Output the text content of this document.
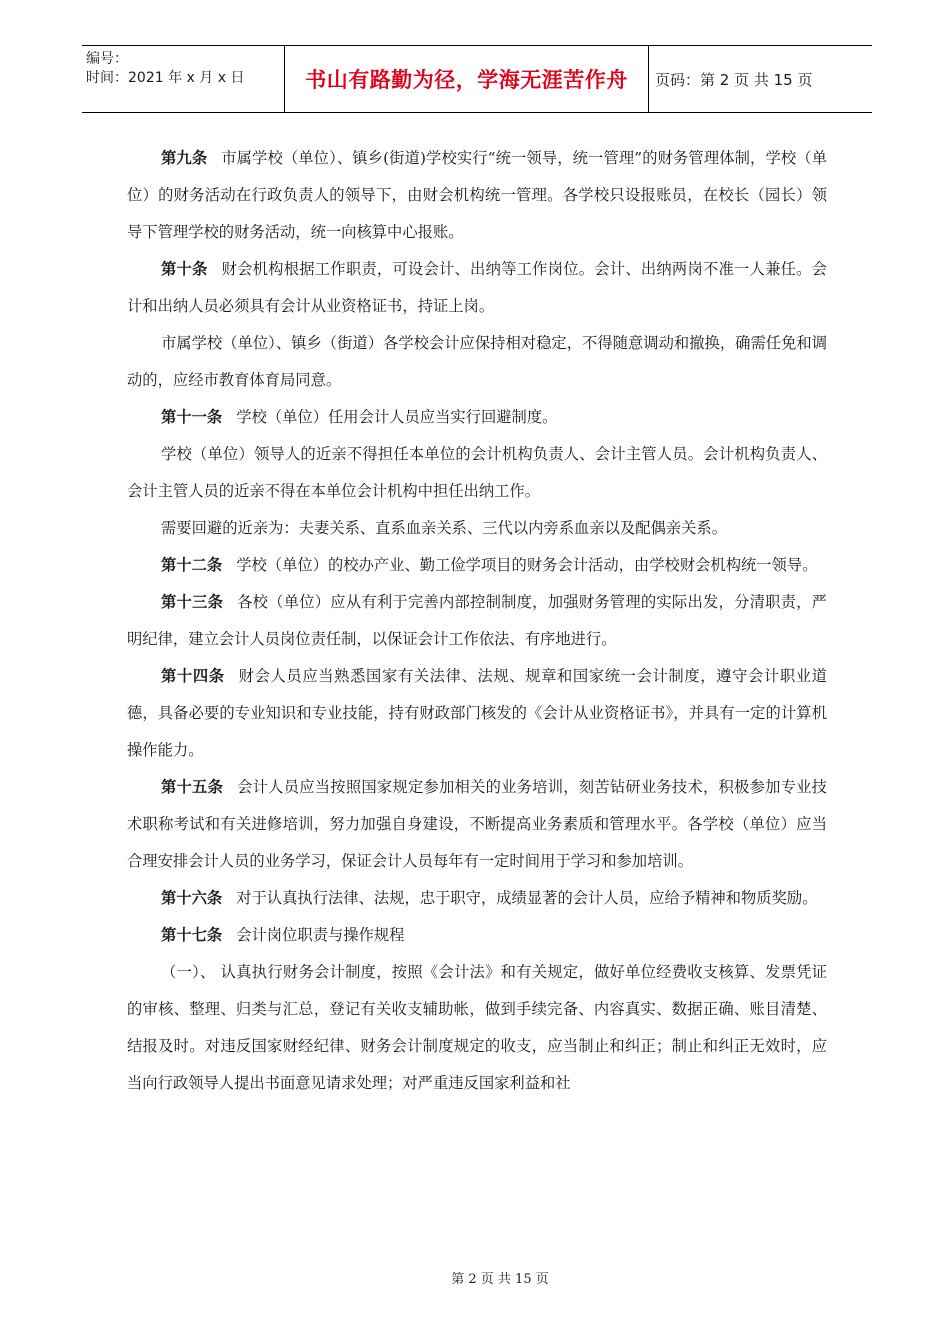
编号：
时间：2021 年 x 月 x 日	书山有路勤为径，学海无涯苦作舟	页码：第 2 页 共 15 页

第九条 市属学校（单位）、镇乡(街道)学校实行“统一领导，统一管理”的财务管理体制，学校（单位）的财务活动在行政负责人的领导下，由财会机构统一管理。各学校只设报账员，在校长（园长）领导下管理学校的财务活动，统一向核算中心报账。

第十条 财会机构根据工作职责，可设会计、出纳等工作岗位。会计、出纳两岗不准一人兼任。会计和出纳人员必须具有会计从业资格证书，持证上岗。

市属学校（单位）、镇乡（街道）各学校会计应保持相对稳定，不得随意调动和撤换，确需任免和调动的，应经市教育体育局同意。

第十一条 学校（单位）任用会计人员应当实行回避制度。

学校（单位）领导人的近亲不得担任本单位的会计机构负责人、会计主管人员。会计机构负责人、会计主管人员的近亲不得在本单位会计机构中担任出纳工作。

需要回避的近亲为：夫妻关系、直系血亲关系、三代以内旁系血亲以及配偶亲关系。

第十二条 学校（单位）的校办产业、勤工俭学项目的财务会计活动，由学校财会机构统一领导。

第十三条 各校（单位）应从有利于完善内部控制制度，加强财务管理的实际出发，分清职责，严明纪律，建立会计人员岗位责任制，以保证会计工作依法、有序地进行。

第十四条 财会人员应当熟悉国家有关法律、法规、规章和国家统一会计制度，遵守会计职业道德，具备必要的专业知识和专业技能，持有财政部门核发的《会计从业资格证书》，并具有一定的计算机操作能力。

第十五条 会计人员应当按照国家规定参加相关的业务培训，刻苦钻研业务技术，积极参加专业技术职称考试和有关进修培训，努力加强自身建设，不断提高业务素质和管理水平。各学校（单位）应当合理安排会计人员的业务学习，保证会计人员每年有一定时间用于学习和参加培训。

第十六条 对于认真执行法律、法规，忠于职守，成绩显著的会计人员，应给予精神和物质奖励。

第十七条 会计岗位职责与操作规程

（一）、 认真执行财务会计制度，按照《会计法》和有关规定，做好单位经费收支核算、发票凭证的审核、整理、归类与汇总，登记有关收支辅助帐，做到手续完备、内容真实、数据正确、账目清楚、结报及时。对违反国家财经纪律、财务会计制度规定的收支，应当制止和纠正；制止和纠正无效时，应当向行政领导人提出书面意见请求处理；对严重违反国家利益和社

第 2 页 共 15 页
